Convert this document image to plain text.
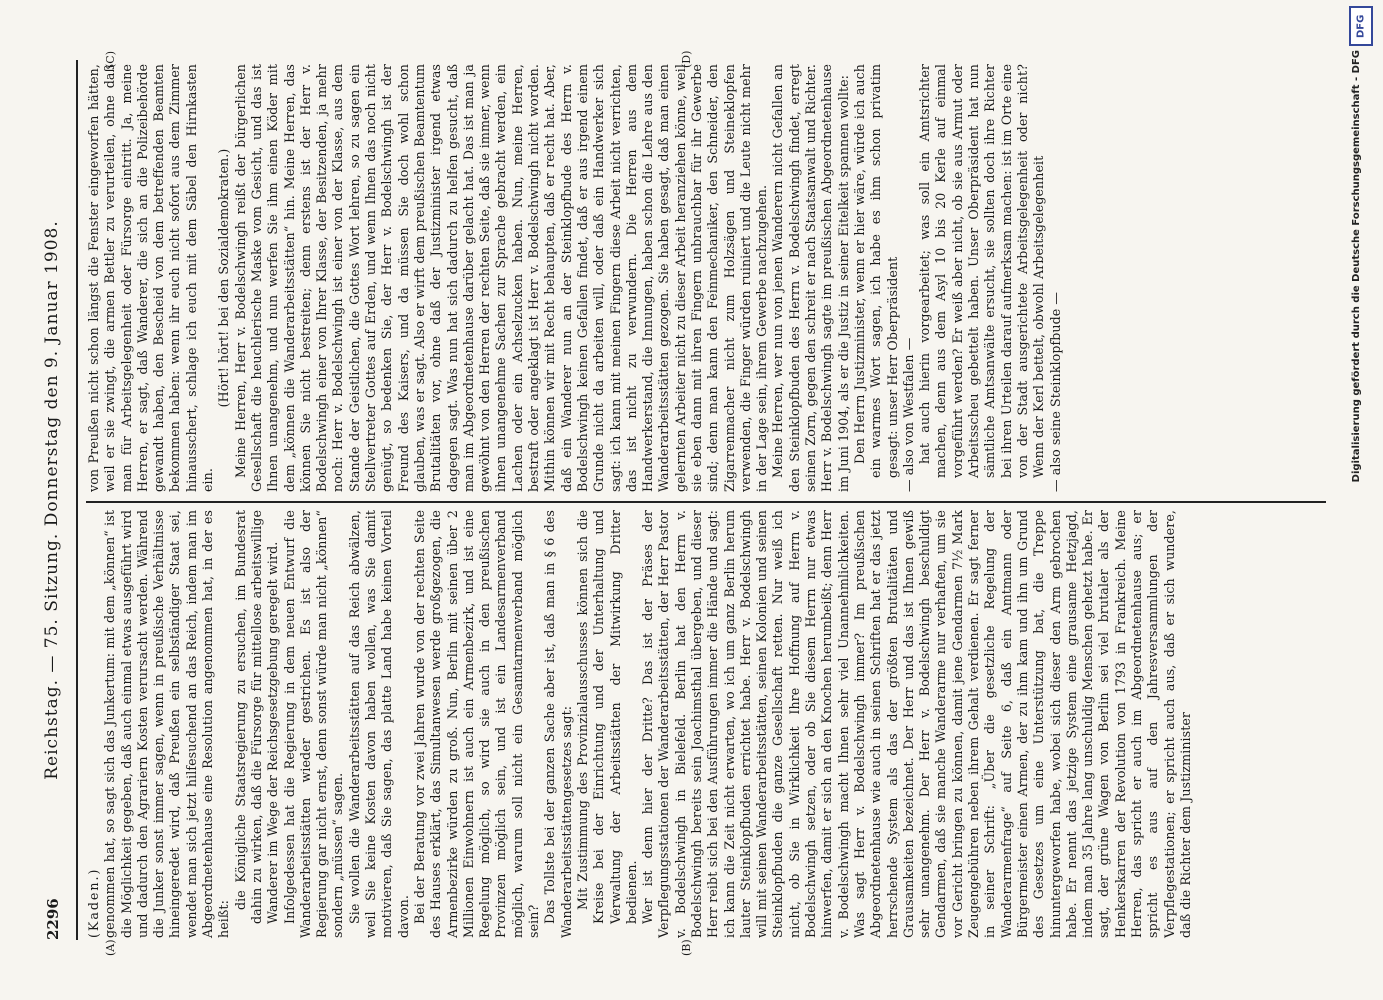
2296
Reichstag. — 75. Sitzung. Donnerstag den 9. Januar 1908.
(A)	(B)
(C)	(D)

(Kaden.) genommen hat, so sagt sich das Junkertum: mit dem „können“ ist die Möglichkeit gegeben, daß auch einmal etwas ausgeführt wird und dadurch den Agrariern Kosten verursacht werden. Während die Junker sonst immer sagen, wenn in preußische Verhältnisse hineingeredet wird, daß Preußen ein selbständiger Staat sei, wendet man sich jetzt hilfesuchend an das Reich, indem man im Abgeordnetenhause eine Resolution angenommen hat, in der es heißt:

die Königliche Staatsregierung zu ersuchen, im Bundesrat dahin zu wirken, daß die Fürsorge für mittellose arbeitswillige Wanderer im Wege der Reichsgesetzgebung geregelt wird. Infolgedessen hat die Regierung in dem neuen Entwurf die Wanderarbeitsstätten wieder gestrichen. Es ist also der Regierung gar nicht ernst, denn sonst würde man nicht „können“ sondern „müssen“ sagen. Sie wollen die Wanderarbeitsstätten auf das Reich abwälzen, weil Sie keine Kosten davon haben wollen, was Sie damit motivieren, daß Sie sagen, das platte Land habe keinen Vorteil davon. Bei der Beratung vor zwei Jahren wurde von der rechten Seite des Hauses erklärt, das Simultanwesen werde großgezogen, die Armenbezirke würden zu groß. Nun, Berlin mit seinen über 2 Millionen Einwohnern ist auch ein Armenbezirk, und ist eine Regelung möglich, so wird sie auch in den preußischen Provinzen möglich sein, und ist ein Landesarmenverband möglich, warum soll nicht ein Gesamtarmenverband möglich sein? Das Tollste bei der ganzen Sache aber ist, daß man in § 6 des Wanderarbeitsstättengesetzes sagt: Mit Zustimmung des Provinzialausschusses können sich die Kreise bei der Einrichtung und der Unterhaltung und Verwaltung der Arbeitsstätten der Mitwirkung Dritter bedienen. Wer ist denn hier der Dritte? Das ist der Präses der Verpflegungsstationen der Wanderarbeitsstätten, der Herr Pastor v. Bodelschwingh in Bielefeld. Berlin hat den Herrn v. Bodelschwingh bereits sein Joachimsthal übergeben, und dieser Herr reibt sich bei den Ausführungen immer die Hände und sagt: ich kann die Zeit nicht erwarten, wo ich um ganz Berlin herum lauter Steinklopfbuden errichtet habe. Herr v. Bodelschwingh will mit seinen Wanderarbeitsstätten, seinen Kolonien und seinen Steinklopfbuden die ganze Gesellschaft retten. Nur weiß ich nicht, ob Sie in Wirklichkeit Ihre Hoffnung auf Herrn v. Bodelschwingh setzen, oder ob Sie diesem Herrn nur etwas hinwerfen, damit er sich an den Knochen herumbeißt; denn Herr v. Bodelschwingh macht Ihnen sehr viel Unannehmlichkeiten. Was sagt Herr v. Bodelschwingh immer? Im preußischen Abgeordnetenhause wie auch in seinen Schriften hat er das jetzt herrschende System als das der größten Brutalitäten und Grausamkeiten bezeichnet. Der Herr und das ist Ihnen gewiß sehr unangenehm. Der Herr v. Bodelschwingh beschuldigt Gendarmen, daß sie manche Wanderarme nur verhaften, um sie vor Gericht bringen zu können, damit jene Gendarmen 7½ Mark Zeugengebühren neben ihrem Gehalt verdienen. Er sagt ferner in seiner Schrift: „Über die gesetzliche Regelung der Wanderarmenfrage“ auf Seite 6, daß ein Amtmann oder Bürgermeister einen Armen, der zu ihm kam und ihn um Grund des Gesetzes um eine Unterstützung bat, die Treppe hinuntergeworfen habe, wobei sich dieser den Arm gebrochen habe. Er nennt das jetzige System eine grausame Hetzjagd, indem man 35 Jahre lang unschuldig Menschen gehetzt habe. Er sagt, der grüne Wagen von Berlin sei viel brutaler als der Henkerskarren der Revolution von 1793 in Frankreich. Meine Herren, das spricht er auch im Abgeordnetenhause aus; er spricht es aus auf den Jahresversammlungen der Verpflegestationen; er spricht auch aus, daß er sich wundere, daß die Richter dem Justizminister

von Preußen nicht schon längst die Fenster eingeworfen hätten, weil er sie zwingt, die armen Bettler zu verurteilen, ohne daß man für Arbeitsgelegenheit oder Fürsorge eintritt. Ja, meine Herren, er sagt, daß Wanderer, die sich an die Polizeibehörde gewandt haben, den Bescheid von dem betreffenden Beamten bekommen haben: wenn ihr euch nicht sofort aus dem Zimmer hinausschert, schlage ich euch mit dem Säbel den Hirnkasten ein.

(Hört! hört! bei den Sozialdemokraten.) Meine Herren, Herr v. Bodelschwingh reißt der bürgerlichen Gesellschaft die heuchlerische Maske vom Gesicht, und das ist Ihnen unangenehm, und nun werfen Sie ihm einen Köder mit dem „können die Wanderarbeitsstätten“ hin. Meine Herren, das können Sie nicht bestreiten; denn erstens ist der Herr v. Bodelschwingh einer von Ihrer Klasse, der Besitzenden, ja mehr noch: Herr v. Bodelschwingh ist einer von der Klasse, aus dem Stande der Geistlichen, die Gottes Wort lehren, so zu sagen ein Stellvertreter Gottes auf Erden, und wenn Ihnen das noch nicht genügt, so bedenken Sie, der Herr v. Bodelschwingh ist der Freund des Kaisers, und da müssen Sie doch wohl schon glauben, was er sagt. Also er wirft dem preußischen Beamtentum Brutalitäten vor, ohne daß der Justizminister irgend etwas dagegen sagt. Was nun hat sich dadurch zu helfen gesucht, daß man im Abgeordnetenhause darüber gelacht hat. Das ist man ja gewöhnt von den Herren der rechten Seite, daß sie immer, wenn ihnen unangenehme Sachen zur Sprache gebracht werden, ein Lachen oder ein Achselzucken haben. Nun, meine Herren, bestraft oder angeklagt ist Herr v. Bodelschwingh nicht worden. Mithin können wir mit Recht behaupten, daß er recht hat. Aber, daß ein Wanderer nun an der Steinklopfbude des Herrn v. Bodelschwingh keinen Gefallen findet, daß er aus irgend einem Grunde nicht da arbeiten will, oder daß ein Handwerker sich sagt: ich kann mit meinen Fingern diese Arbeit nicht verrichten, das ist nicht zu verwundern. Die Herren aus dem Handwerkerstand, die Innungen, haben schon die Lehre aus den Wanderarbeitsstätten gezogen. Sie haben gesagt, daß man einen gelernten Arbeiter nicht zu dieser Arbeit heranziehen könne, weil sie eben dann mit ihren Fingern unbrauchbar für ihr Gewerbe sind; denn man kann den Feinmechaniker, den Schneider, den Zigarrenmacher nicht zum Holzsägen und Steineklopfen verwenden, die Finger würden ruiniert und die Leute nicht mehr in der Lage sein, ihrem Gewerbe nachzugehen. Meine Herren, wer nun von jenen Wanderern nicht Gefallen an den Steinklopfbuden des Herrn v. Bodelschwingh findet, erregt seinen Zorn, gegen den schreit er nach Staatsanwalt und Richter. Herr v. Bodelschwingh sagte im preußischen Abgeordnetenhause im Juni 1904, als er die Justiz in seiner Eitelkeit spannen wollte: Den Herrn Justizminister, wenn er hier wäre, würde ich auch ein warmes Wort sagen, ich habe es ihm schon privatim gesagt: unser Herr Oberpräsident — also von Westfalen — hat auch hierin vorgearbeitet; was soll ein Amtsrichter machen, denn aus dem Asyl 10 bis 20 Kerle auf einmal vorgeführt werden? Er weiß aber nicht, ob sie aus Armut oder Arbeitsscheu gebettelt haben. Unser Oberpräsident hat nun sämtliche Amtsanwälte ersucht, sie sollten doch ihre Richter bei ihren Urteilen darauf aufmerksam machen: ist im Orte eine von der Stadt ausgerichtete Arbeitsgelegenheit oder nicht? Wenn der Kerl bettelt, obwohl Arbeitsgelegenheit — also seine Steinklopfbude —

DFG
Digitalisierung gefördert durch die Deutsche Forschungsgemeinschaft - DFG
